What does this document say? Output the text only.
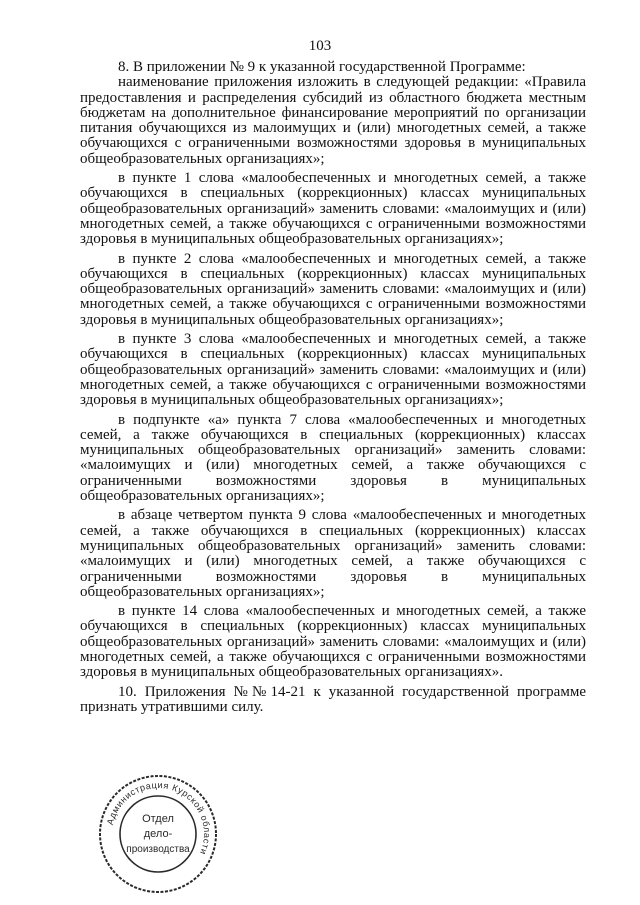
103

8. В приложении № 9 к указанной государственной Программе:

наименование приложения изложить в следующей редакции: «Правила предоставления и распределения субсидий из областного бюджета местным бюджетам на дополнительное финансирование мероприятий по организации питания обучающихся из малоимущих и (или) многодетных семей, а также обучающихся с ограниченными возможностями здоровья в муниципальных общеобразовательных организациях»;

в пункте 1 слова «малообеспеченных и многодетных семей, а также обучающихся в специальных (коррекционных) классах муниципальных общеобразовательных организаций» заменить словами: «малоимущих и (или) многодетных семей, а также обучающихся с ограниченными возможностями здоровья в муниципальных общеобразовательных организациях»;

в пункте 2 слова «малообеспеченных и многодетных семей, а также обучающихся в специальных (коррекционных) классах муниципальных общеобразовательных организаций» заменить словами: «малоимущих и (или) многодетных семей, а также обучающихся с ограниченными возможностями здоровья в муниципальных общеобразовательных организациях»;

в пункте 3 слова «малообеспеченных и многодетных семей, а также обучающихся в специальных (коррекционных) классах муниципальных общеобразовательных организаций» заменить словами: «малоимущих и (или) многодетных семей, а также обучающихся с ограниченными возможностями здоровья в муниципальных общеобразовательных организациях»;

в подпункте «а» пункта 7 слова «малообеспеченных и многодетных семей, а также обучающихся в специальных (коррекционных) классах муниципальных общеобразовательных организаций» заменить словами: «малоимущих и (или) многодетных семей, а также обучающихся с ограниченными возможностями здоровья в муниципальных общеобразовательных организациях»;

в абзаце четвертом пункта 9 слова «малообеспеченных и многодетных семей, а также обучающихся в специальных (коррекционных) классах муниципальных общеобразовательных организаций» заменить словами: «малоимущих и (или) многодетных семей, а также обучающихся с ограниченными возможностями здоровья в муниципальных общеобразовательных организациях»;

в пункте 14 слова «малообеспеченных и многодетных семей, а также обучающихся в специальных (коррекционных) классах муниципальных общеобразовательных организаций» заменить словами: «малоимущих и (или) многодетных семей, а также обучающихся с ограниченными возможностями здоровья в муниципальных общеобразовательных организациях».

10. Приложения №№14-21 к указанной государственной программе признать утратившими силу.

Администрация Курской области
Отдел
дело-
производства
